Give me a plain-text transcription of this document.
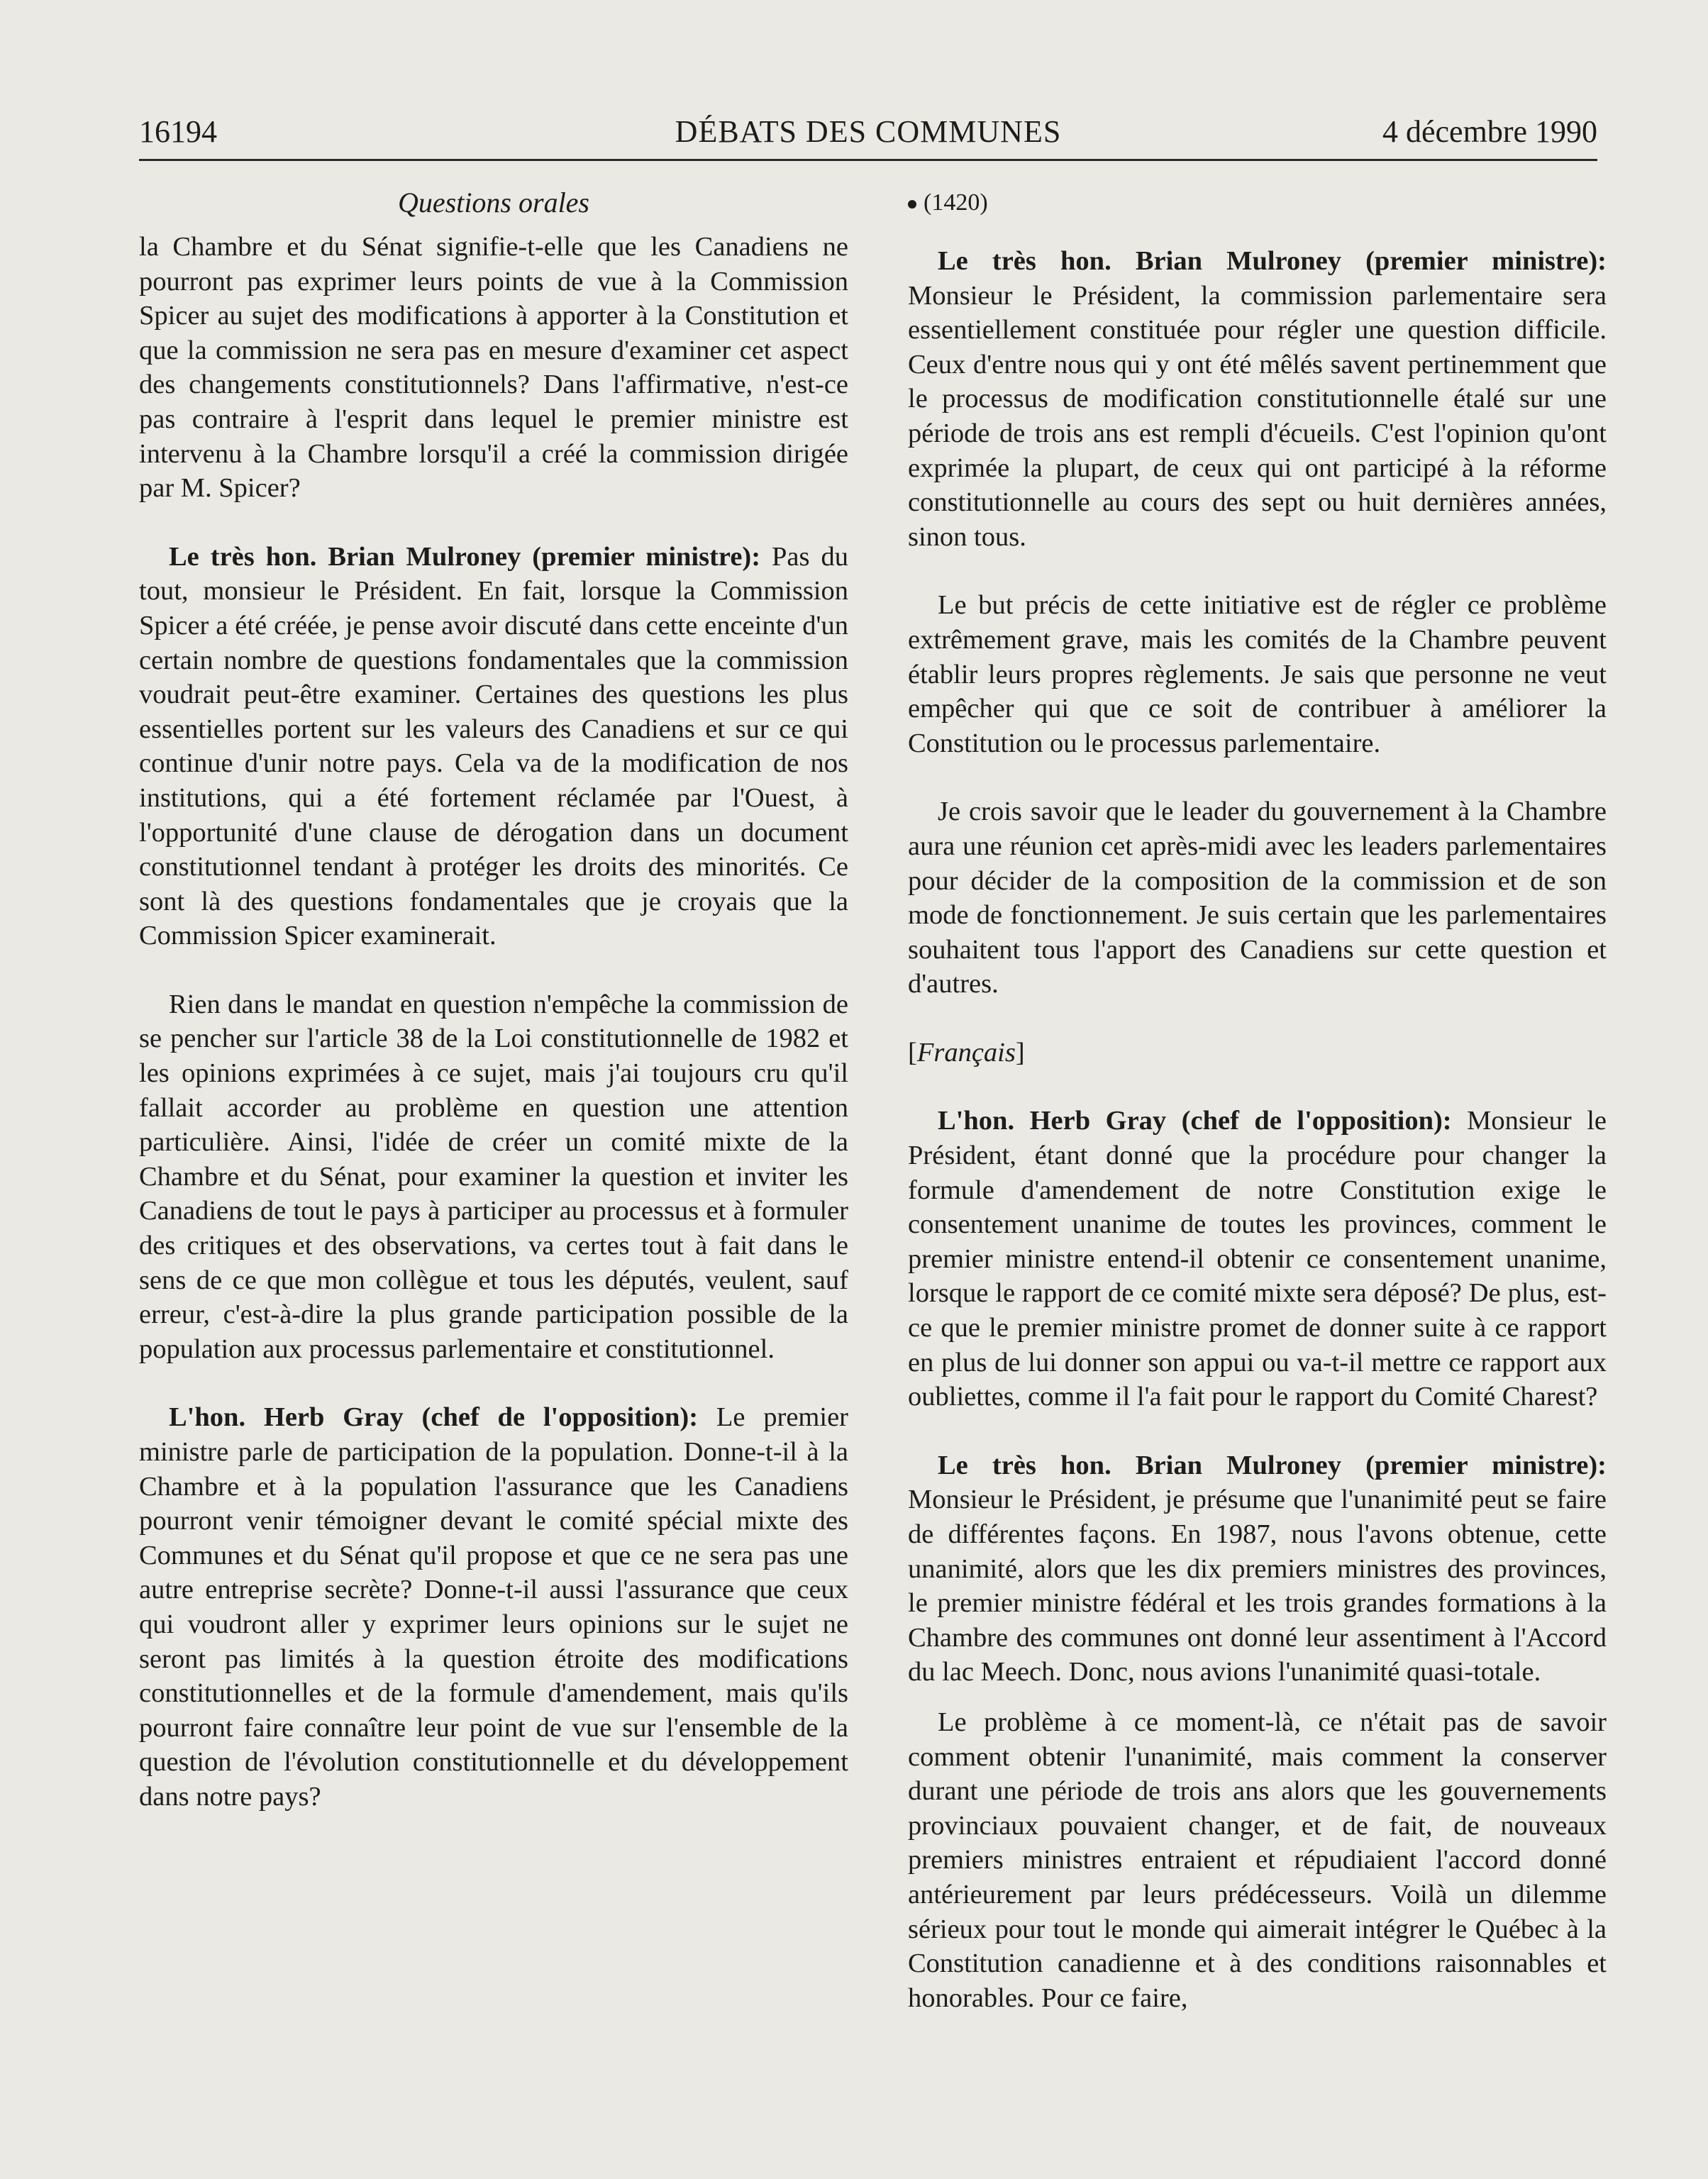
16194	DÉBATS DES COMMUNES	4 décembre 1990
Questions orales

la Chambre et du Sénat signifie-t-elle que les Canadiens ne pourront pas exprimer leurs points de vue à la Commission Spicer au sujet des modifications à apporter à la Constitution et que la commission ne sera pas en mesure d'examiner cet aspect des changements constitutionnels? Dans l'affirmative, n'est-ce pas contraire à l'esprit dans lequel le premier ministre est intervenu à la Chambre lorsqu'il a créé la commission dirigée par M. Spicer?

Le très hon. Brian Mulroney (premier ministre): Pas du tout, monsieur le Président. En fait, lorsque la Commission Spicer a été créée, je pense avoir discuté dans cette enceinte d'un certain nombre de questions fondamentales que la commission voudrait peut-être examiner. Certaines des questions les plus essentielles portent sur les valeurs des Canadiens et sur ce qui continue d'unir notre pays. Cela va de la modification de nos institutions, qui a été fortement réclamée par l'Ouest, à l'opportunité d'une clause de dérogation dans un document constitutionnel tendant à protéger les droits des minorités. Ce sont là des questions fondamentales que je croyais que la Commission Spicer examinerait.

Rien dans le mandat en question n'empêche la commission de se pencher sur l'article 38 de la Loi constitutionnelle de 1982 et les opinions exprimées à ce sujet, mais j'ai toujours cru qu'il fallait accorder au problème en question une attention particulière. Ainsi, l'idée de créer un comité mixte de la Chambre et du Sénat, pour examiner la question et inviter les Canadiens de tout le pays à participer au processus et à formuler des critiques et des observations, va certes tout à fait dans le sens de ce que mon collègue et tous les députés, veulent, sauf erreur, c'est-à-dire la plus grande participation possible de la population aux processus parlementaire et constitutionnel.

L'hon. Herb Gray (chef de l'opposition): Le premier ministre parle de participation de la population. Donne-t-il à la Chambre et à la population l'assurance que les Canadiens pourront venir témoigner devant le comité spécial mixte des Communes et du Sénat qu'il propose et que ce ne sera pas une autre entreprise secrète? Donne-t-il aussi l'assurance que ceux qui voudront aller y exprimer leurs opinions sur le sujet ne seront pas limités à la question étroite des modifications constitutionnelles et de la formule d'amendement, mais qu'ils pourront faire connaître leur point de vue sur l'ensemble de la question de l'évolution constitutionnelle et du développement dans notre pays?

(1420)

Le très hon. Brian Mulroney (premier ministre): Monsieur le Président, la commission parlementaire sera essentiellement constituée pour régler une question difficile. Ceux d'entre nous qui y ont été mêlés savent pertinemment que le processus de modification constitutionnelle étalé sur une période de trois ans est rempli d'écueils. C'est l'opinion qu'ont exprimée la plupart, de ceux qui ont participé à la réforme constitutionnelle au cours des sept ou huit dernières années, sinon tous.

Le but précis de cette initiative est de régler ce problème extrêmement grave, mais les comités de la Chambre peuvent établir leurs propres règlements. Je sais que personne ne veut empêcher qui que ce soit de contribuer à améliorer la Constitution ou le processus parlementaire.

Je crois savoir que le leader du gouvernement à la Chambre aura une réunion cet après-midi avec les leaders parlementaires pour décider de la composition de la commission et de son mode de fonctionnement. Je suis certain que les parlementaires souhaitent tous l'apport des Canadiens sur cette question et d'autres.

[Français]

L'hon. Herb Gray (chef de l'opposition): Monsieur le Président, étant donné que la procédure pour changer la formule d'amendement de notre Constitution exige le consentement unanime de toutes les provinces, comment le premier ministre entend-il obtenir ce consentement unanime, lorsque le rapport de ce comité mixte sera déposé? De plus, est-ce que le premier ministre promet de donner suite à ce rapport en plus de lui donner son appui ou va-t-il mettre ce rapport aux oubliettes, comme il l'a fait pour le rapport du Comité Charest?

Le très hon. Brian Mulroney (premier ministre): Monsieur le Président, je présume que l'unanimité peut se faire de différentes façons. En 1987, nous l'avons obtenue, cette unanimité, alors que les dix premiers ministres des provinces, le premier ministre fédéral et les trois grandes formations à la Chambre des communes ont donné leur assentiment à l'Accord du lac Meech. Donc, nous avions l'unanimité quasi-totale.

Le problème à ce moment-là, ce n'était pas de savoir comment obtenir l'unanimité, mais comment la conserver durant une période de trois ans alors que les gouvernements provinciaux pouvaient changer, et de fait, de nouveaux premiers ministres entraient et répudiaient l'accord donné antérieurement par leurs prédécesseurs. Voilà un dilemme sérieux pour tout le monde qui aimerait intégrer le Québec à la Constitution canadienne et à des conditions raisonnables et honorables. Pour ce faire,
